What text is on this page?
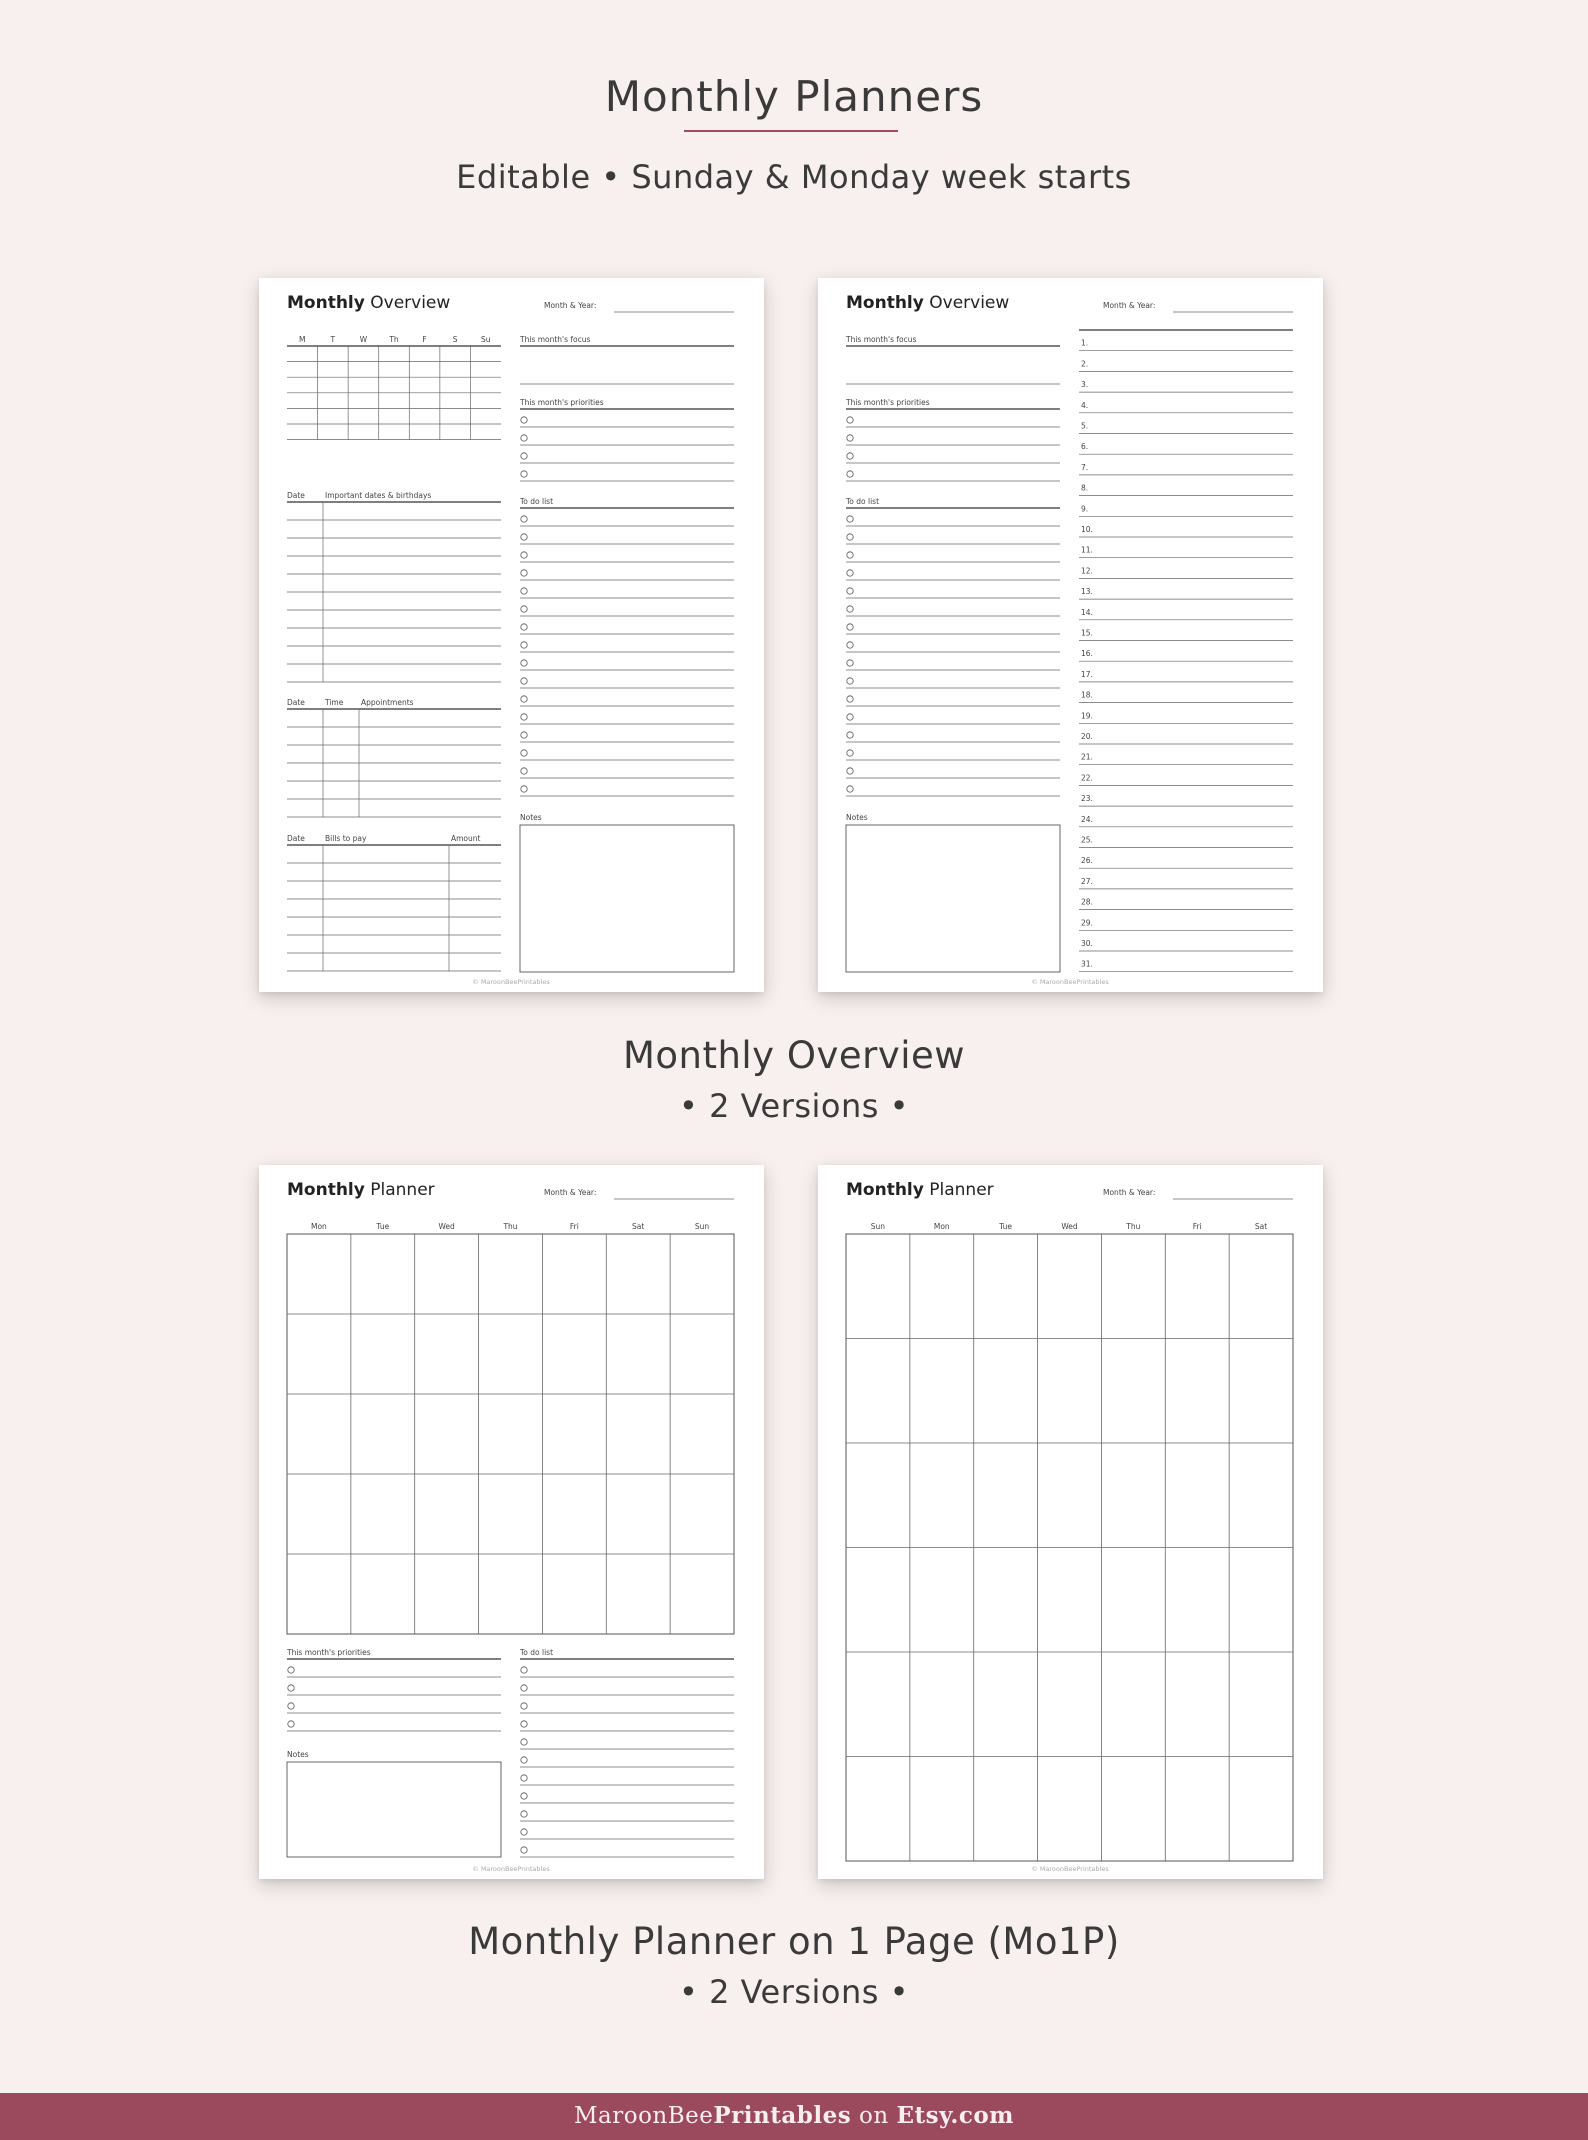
Monthly Planners
Editable • Sunday & Monday week starts
Monthly Overview	Month & Year:
© MaroonBeePrintables
M	T	W	Th	F	S	Su
Date	Important dates & birthdays
Date	Time Appointments
Date	Bills to pay	Amount
This month's focus
This month's priorities
To do list
Notes
Monthly Overview	Month & Year:
© MaroonBeePrintables
This month's focus
This month's priorities
To do list
Notes
1.
2.
3.
4.
5.
6.
7.
8.
9.
10.
11.
12.
13.
14.
15.
16.
17.
18.
19.
20.
21.
22.
23.
24.
25.
26.
27.
28.
29.
30.
31.
Monthly Overview
• 2 Versions •
Monthly Planner	Month & Year:
© MaroonBeePrintables
Mon	Tue	Wed	Thu	Fri	Sat	Sun
This month's priorities
Notes
To do list
Monthly Planner	Month & Year:
© MaroonBeePrintables
Sun	Mon	Tue	Wed	Thu	Fri	Sat
Monthly Planner on 1 Page (Mo1P)
• 2 Versions •
MaroonBeePrintables on Etsy.com
